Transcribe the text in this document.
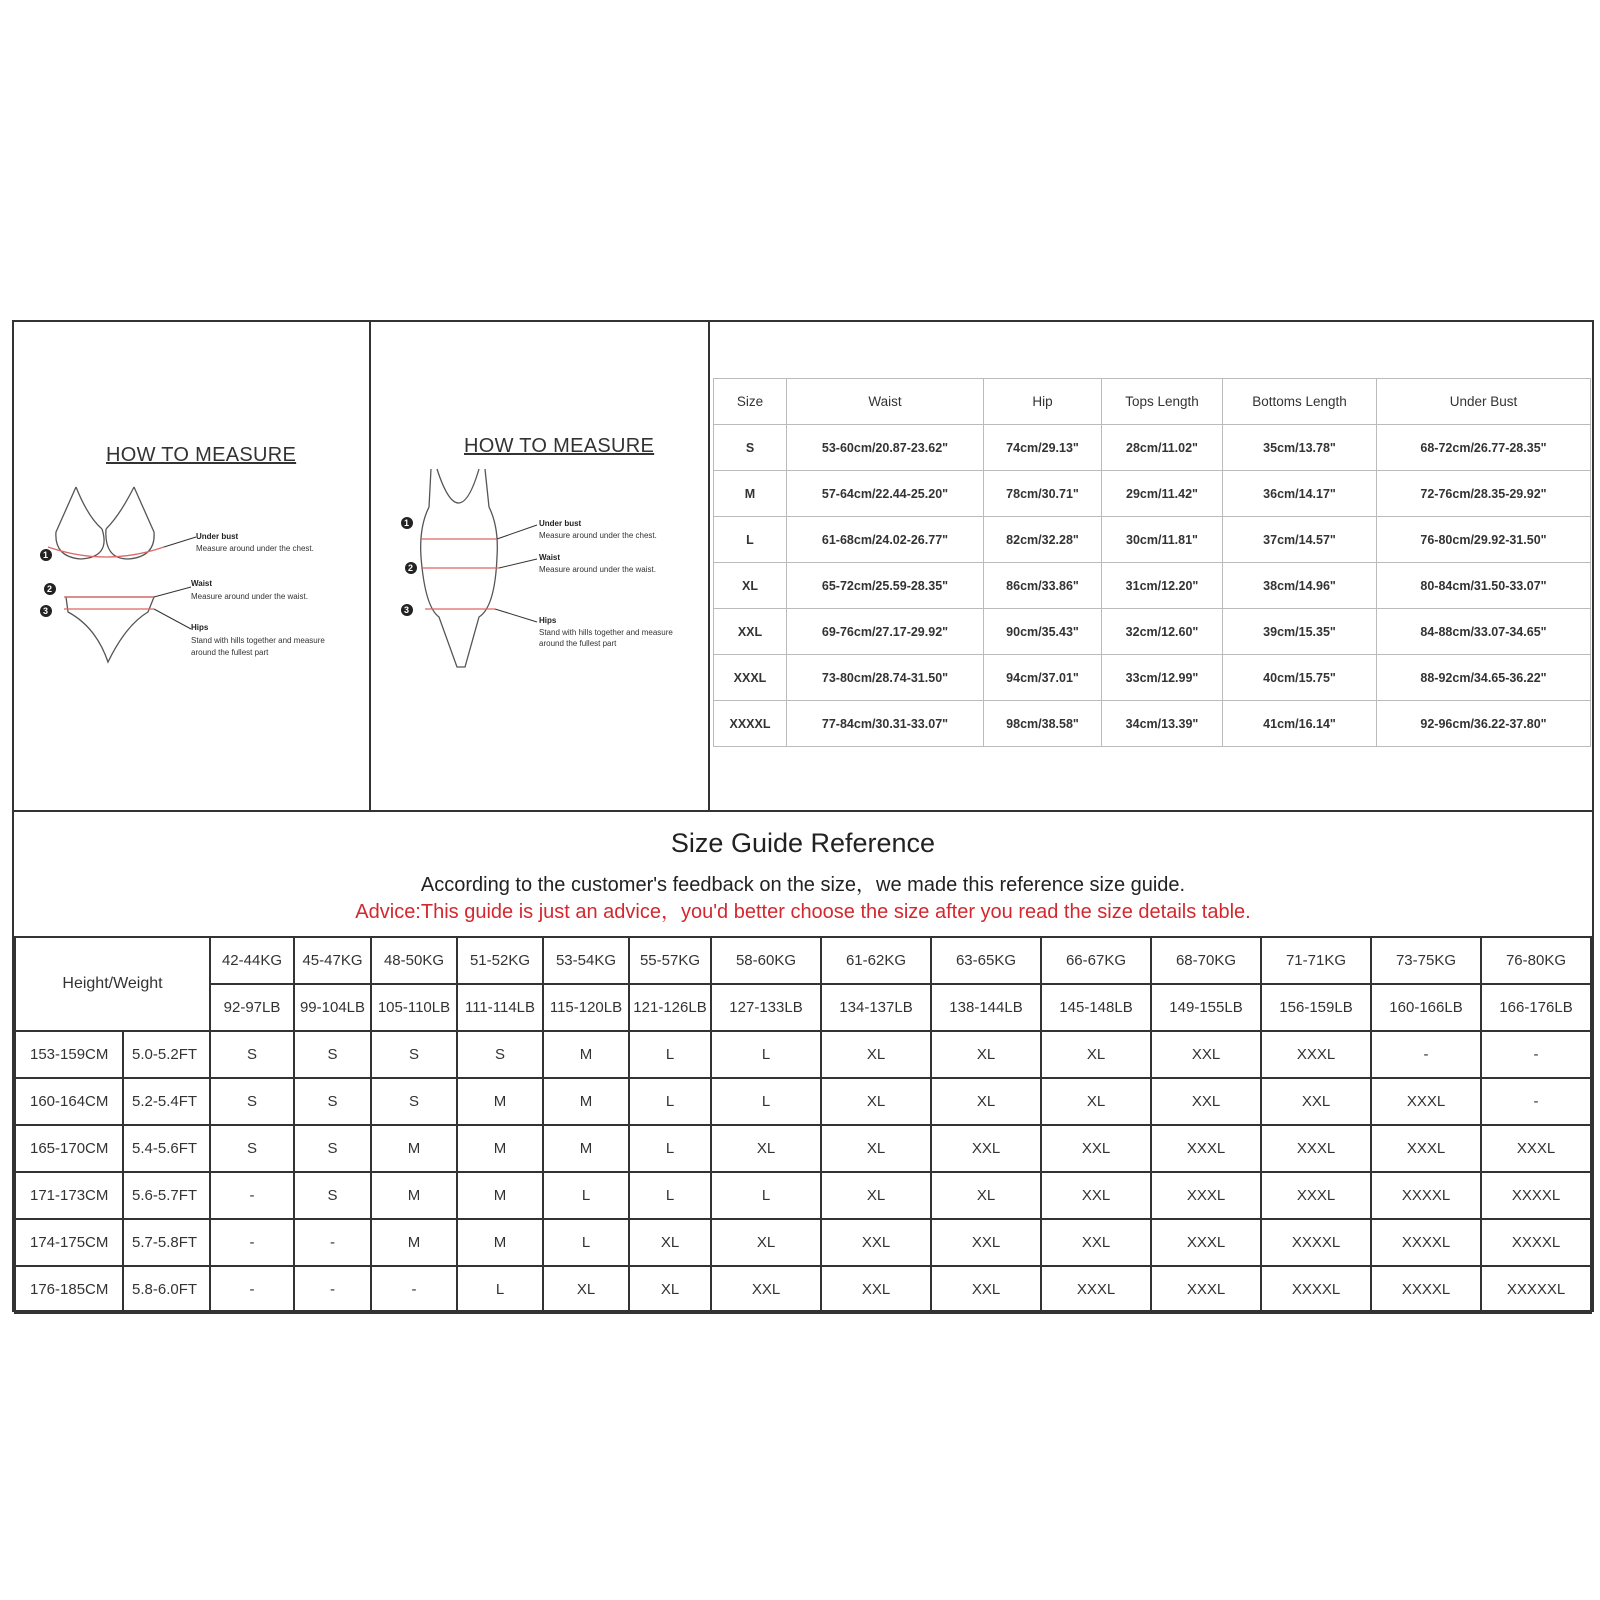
HOW TO MEASURE
1
Under bust
Measure around under the chest.
2
Waist
Measure around under the waist.
3
Hips
Stand with hills together and measure
around the fullest part
HOW TO MEASURE
1	Under bust
Measure around under the chest.
2
Waist
Measure around under the waist.
3
Hips
Stand with hills together and measure
around the fullest part
Size	Waist	Hip	Tops Length	Bottoms Length	Under Bust
S	53-60cm/20.87-23.62"	74cm/29.13"	28cm/11.02"	35cm/13.78"	68-72cm/26.77-28.35"
M	57-64cm/22.44-25.20"	78cm/30.71"	29cm/11.42"	36cm/14.17"	72-76cm/28.35-29.92"
L	61-68cm/24.02-26.77"	82cm/32.28"	30cm/11.81"	37cm/14.57"	76-80cm/29.92-31.50"
XL	65-72cm/25.59-28.35"	86cm/33.86"	31cm/12.20"	38cm/14.96"	80-84cm/31.50-33.07"
XXL	69-76cm/27.17-29.92"	90cm/35.43"	32cm/12.60"	39cm/15.35"	84-88cm/33.07-34.65"
XXXL	73-80cm/28.74-31.50"	94cm/37.01"	33cm/12.99"	40cm/15.75"	88-92cm/34.65-36.22"
XXXXL	77-84cm/30.31-33.07"	98cm/38.58"	34cm/13.39"	41cm/16.14"	92-96cm/36.22-37.80"
Size Guide Reference
According to the customer's feedback on the size，we made this reference size guide.
Advice:This guide is just an advice，you'd better choose the size after you read the size details table.
Height/Weight		42-44KG	45-47KG	48-50KG	51-52KG	53-54KG	55-57KG	58-60KG	61-62KG	63-65KG	66-67KG	68-70KG	71-71KG	73-75KG	76-80KG
		92-97LB	99-104LB	105-110LB	111-114LB	115-120LB	121-126LB	127-133LB	134-137LB	138-144LB	145-148LB	149-155LB	156-159LB	160-166LB	166-176LB
153-159CM	5.0-5.2FT	S	S	S	S	M	L	L	XL	XL	XL	XXL	XXXL	-	-
160-164CM	5.2-5.4FT	S	S	S	M	M	L	L	XL	XL	XL	XXL	XXL	XXXL	-
165-170CM	5.4-5.6FT	S	S	M	M	M	L	XL	XL	XXL	XXL	XXXL	XXXL	XXXL	XXXL
171-173CM	5.6-5.7FT	-	S	M	M	L	L	L	XL	XL	XXL	XXXL	XXXL	XXXXL	XXXXL
174-175CM	5.7-5.8FT	-	-	M	M	L	XL	XL	XXL	XXL	XXL	XXXL	XXXXL	XXXXL	XXXXL
176-185CM	5.8-6.0FT	-	-	-	L	XL	XL	XXL	XXL	XXL	XXXL	XXXL	XXXXL	XXXXL	XXXXXL
